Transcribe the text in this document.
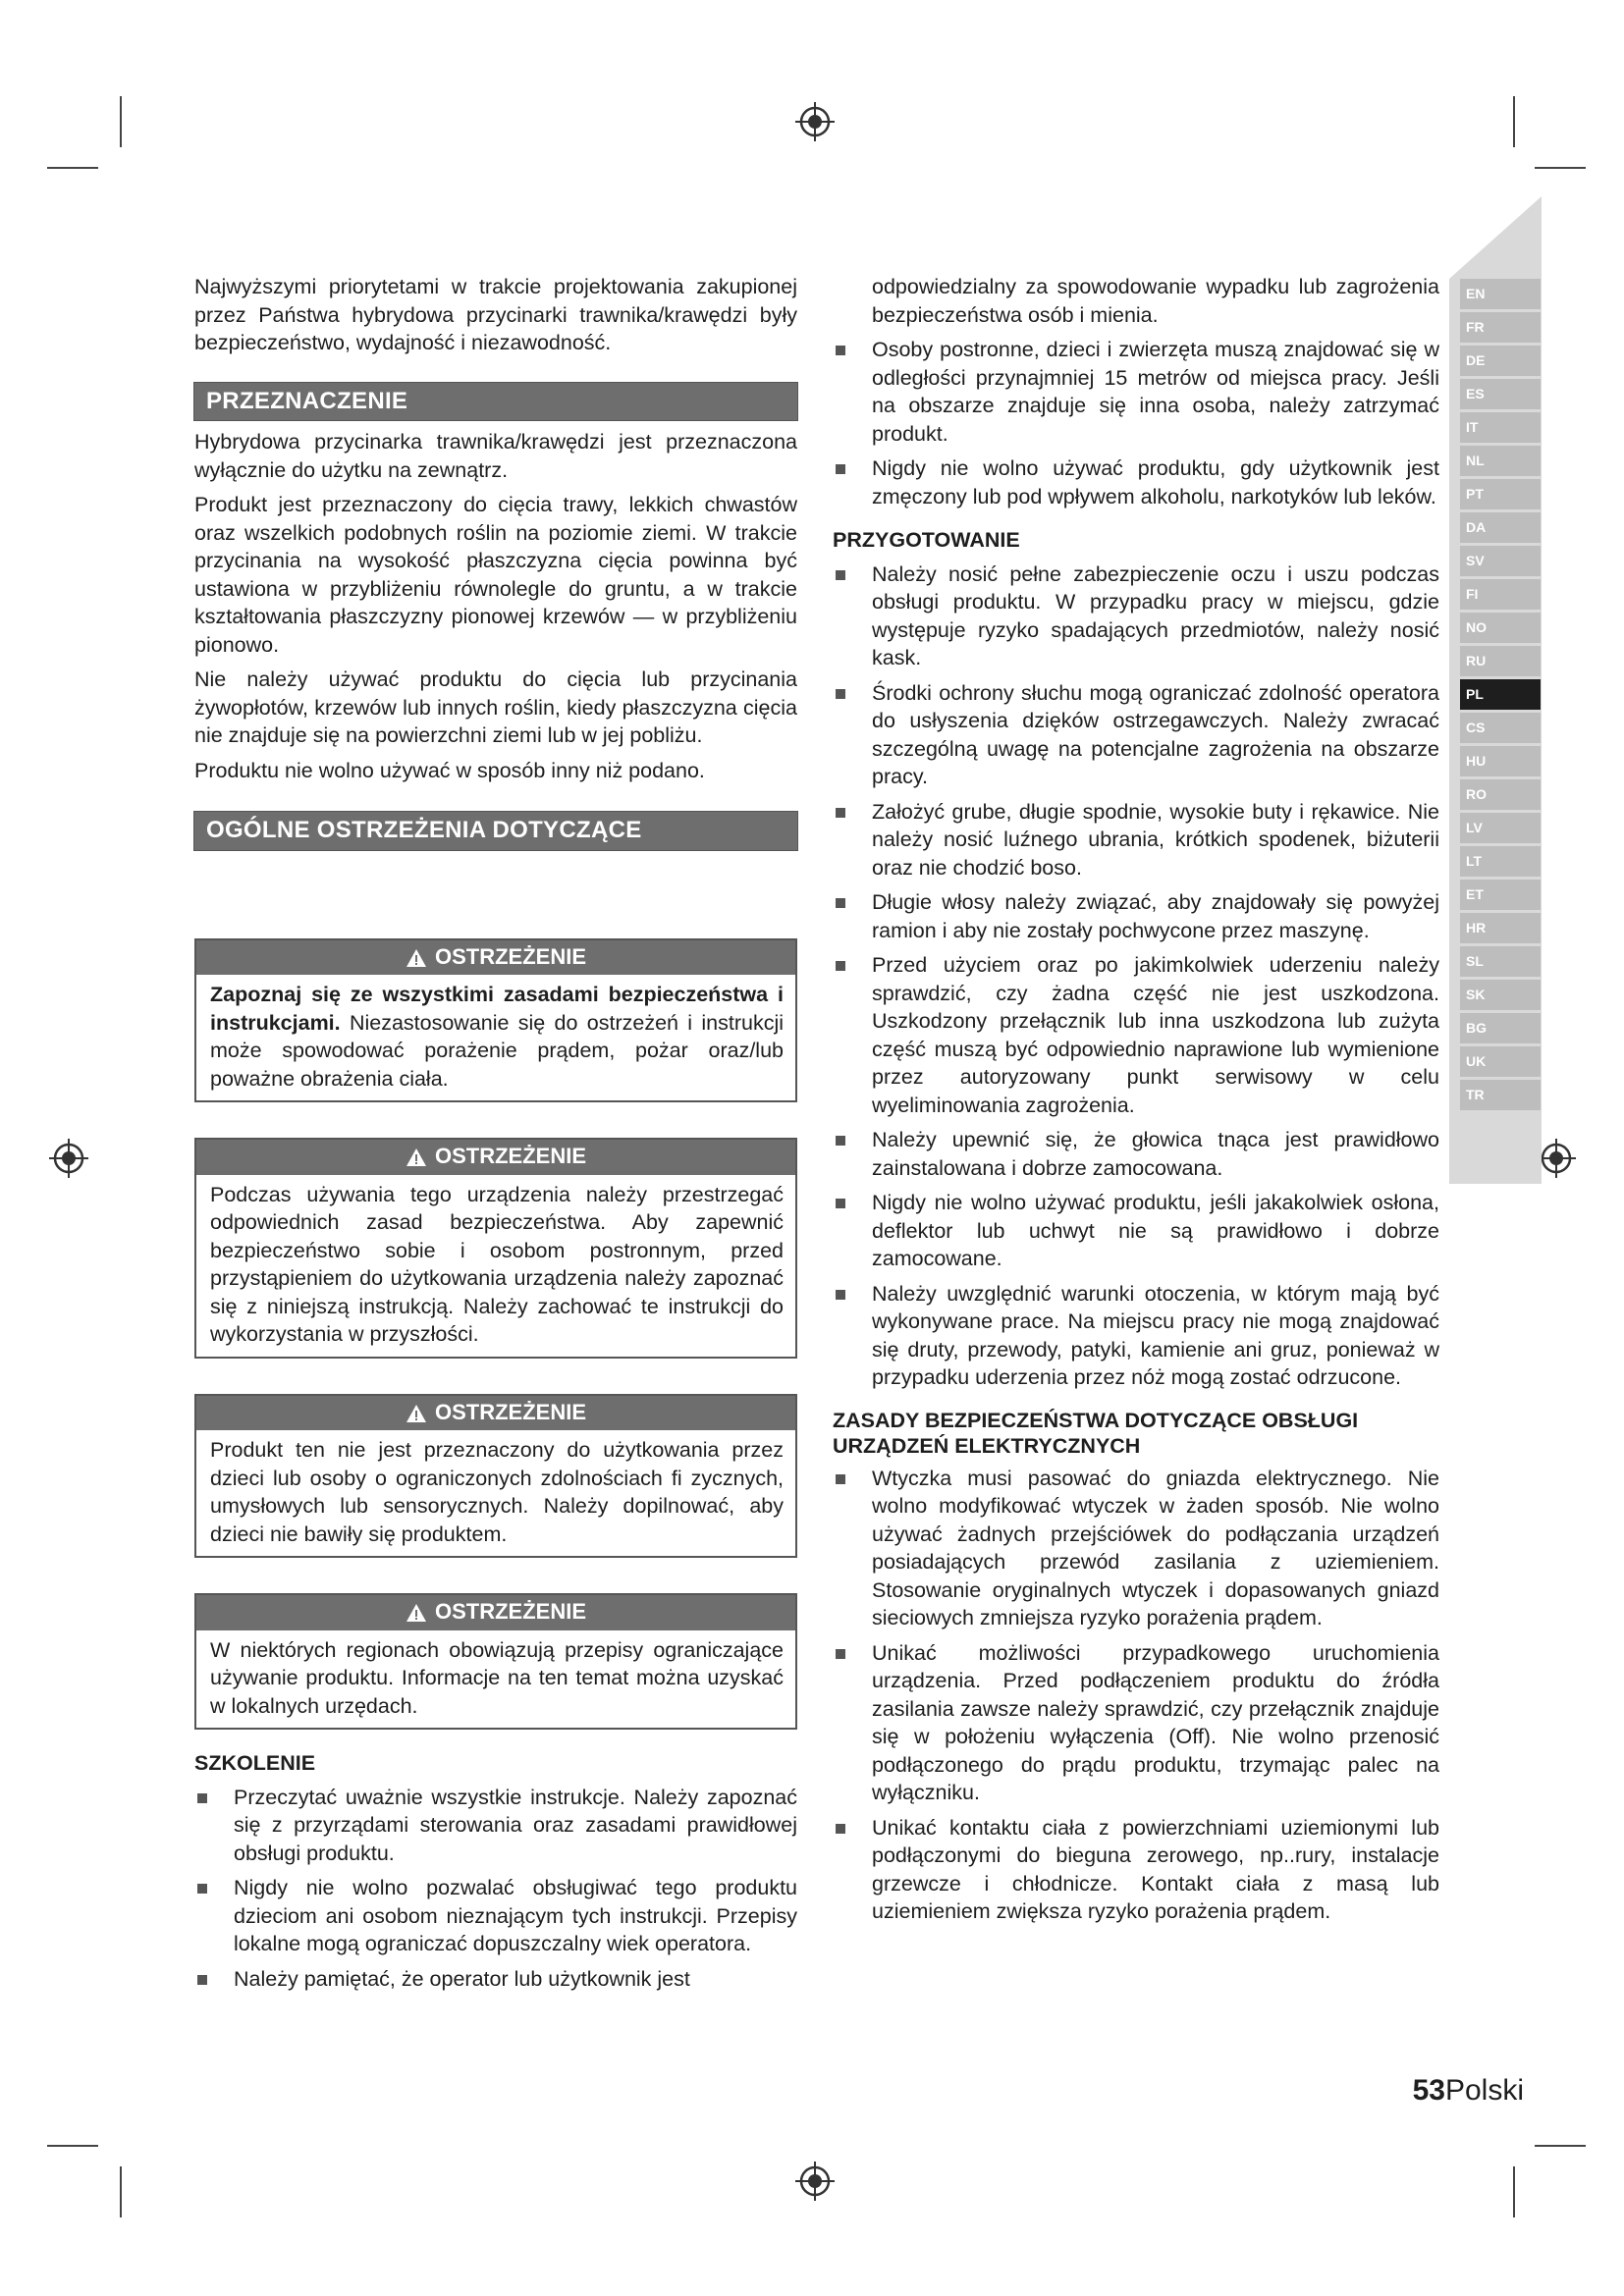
EN
FR
DE
ES
IT
NL
PT
DA
SV
FI
NO
RU
PL
CS
HU
RO
LV
LT
ET
HR
SL
SK
BG
UK
TR

Najwyższymi priorytetami w trakcie projektowania zakupionej przez Państwa hybrydowa przycinarki trawnika/krawędzi były bezpieczeństwo, wydajność i niezawodność.

PRZEZNACZENIE

Hybrydowa przycinarka trawnika/krawędzi jest przeznaczona wyłącznie do użytku na zewnątrz.

Produkt jest przeznaczony do cięcia trawy, lekkich chwastów oraz wszelkich podobnych roślin na poziomie ziemi. W trakcie przycinania na wysokość płaszczyzna cięcia powinna być ustawiona w przybliżeniu równolegle do gruntu, a w trakcie kształtowania płaszczyzny pionowej krzewów — w przybliżeniu pionowo.

Nie należy używać produktu do cięcia lub przycinania żywopłotów, krzewów lub innych roślin, kiedy płaszczyzna cięcia nie znajduje się na powierzchni ziemi lub w jej pobliżu.

Produktu nie wolno używać w sposób inny niż podano.

OGÓLNE OSTRZEŻENIA DOTYCZĄCE
OSTRZEŻENIE
Zapoznaj się ze wszystkimi zasadami bezpieczeństwa i instrukcjami. Niezastosowanie się do ostrzeżeń i instrukcji może spowodować porażenie prądem, pożar oraz/lub poważne obrażenia ciała.
OSTRZEŻENIE
Podczas używania tego urządzenia należy przestrzegać odpowiednich zasad bezpieczeństwa. Aby zapewnić bezpieczeństwo sobie i osobom postronnym, przed przystąpieniem do użytkowania urządzenia należy zapoznać się z niniejszą instrukcją. Należy zachować te instrukcji do wykorzystania w przyszłości.
OSTRZEŻENIE
Produkt ten nie jest przeznaczony do użytkowania przez dzieci lub osoby o ograniczonych zdolnościach fi zycznych, umysłowych lub sensorycznych. Należy dopilnować, aby dzieci nie bawiły się produktem.
OSTRZEŻENIE
W niektórych regionach obowiązują przepisy ograniczające używanie produktu. Informacje na ten temat można uzyskać w lokalnych urzędach.
SZKOLENIE
Przeczytać uważnie wszystkie instrukcje. Należy zapoznać się z przyrządami sterowania oraz zasadami prawidłowej obsługi produktu.
Nigdy nie wolno pozwalać obsługiwać tego produktu dzieciom ani osobom nieznającym tych instrukcji. Przepisy lokalne mogą ograniczać dopuszczalny wiek operatora.
Należy pamiętać, że operator lub użytkownik jest

odpowiedzialny za spowodowanie wypadku lub zagrożenia bezpieczeństwa osób i mienia.

Osoby postronne, dzieci i zwierzęta muszą znajdować się w odległości przynajmniej 15 metrów od miejsca pracy. Jeśli na obszarze znajduje się inna osoba, należy zatrzymać produkt.
Nigdy nie wolno używać produktu, gdy użytkownik jest zmęczony lub pod wpływem alkoholu, narkotyków lub leków.
PRZYGOTOWANIE
Należy nosić pełne zabezpieczenie oczu i uszu podczas obsługi produktu. W przypadku pracy w miejscu, gdzie występuje ryzyko spadających przedmiotów, należy nosić kask.
Środki ochrony słuchu mogą ograniczać zdolność operatora do usłyszenia dzięków ostrzegawczych. Należy zwracać szczególną uwagę na potencjalne zagrożenia na obszarze pracy.
Założyć grube, długie spodnie, wysokie buty i rękawice. Nie należy nosić luźnego ubrania, krótkich spodenek, biżuterii oraz nie chodzić boso.
Długie włosy należy związać, aby znajdowały się powyżej ramion i aby nie zostały pochwycone przez maszynę.
Przed użyciem oraz po jakimkolwiek uderzeniu należy sprawdzić, czy żadna część nie jest uszkodzona. Uszkodzony przełącznik lub inna uszkodzona lub zużyta część muszą być odpowiednio naprawione lub wymienione przez autoryzowany punkt serwisowy w celu wyeliminowania zagrożenia.
Należy upewnić się, że głowica tnąca jest prawidłowo zainstalowana i dobrze zamocowana.
Nigdy nie wolno używać produktu, jeśli jakakolwiek osłona, deflektor lub uchwyt nie są prawidłowo i dobrze zamocowane.
Należy uwzględnić warunki otoczenia, w którym mają być wykonywane prace. Na miejscu pracy nie mogą znajdować się druty, przewody, patyki, kamienie ani gruz, ponieważ w przypadku uderzenia przez nóż mogą zostać odrzucone.
ZASADY BEZPIECZEŃSTWA DOTYCZĄCE OBSŁUGI URZĄDZEŃ ELEKTRYCZNYCH
Wtyczka musi pasować do gniazda elektrycznego. Nie wolno modyfikować wtyczek w żaden sposób. Nie wolno używać żadnych przejściówek do podłączania urządzeń posiadających przewód zasilania z uziemieniem. Stosowanie oryginalnych wtyczek i dopasowanych gniazd sieciowych zmniejsza ryzyko porażenia prądem.
Unikać możliwości przypadkowego uruchomienia urządzenia. Przed podłączeniem produktu do źródła zasilania zawsze należy sprawdzić, czy przełącznik znajduje się w położeniu wyłączenia (Off). Nie wolno przenosić podłączonego do prądu produktu, trzymając palec na wyłączniku.
Unikać kontaktu ciała z powierzchniami uziemionymi lub podłączonymi do bieguna zerowego, np..rury, instalacje grzewcze i chłodnicze. Kontakt ciała z masą lub uziemieniem zwiększa ryzyko porażenia prądem.
53Polski
